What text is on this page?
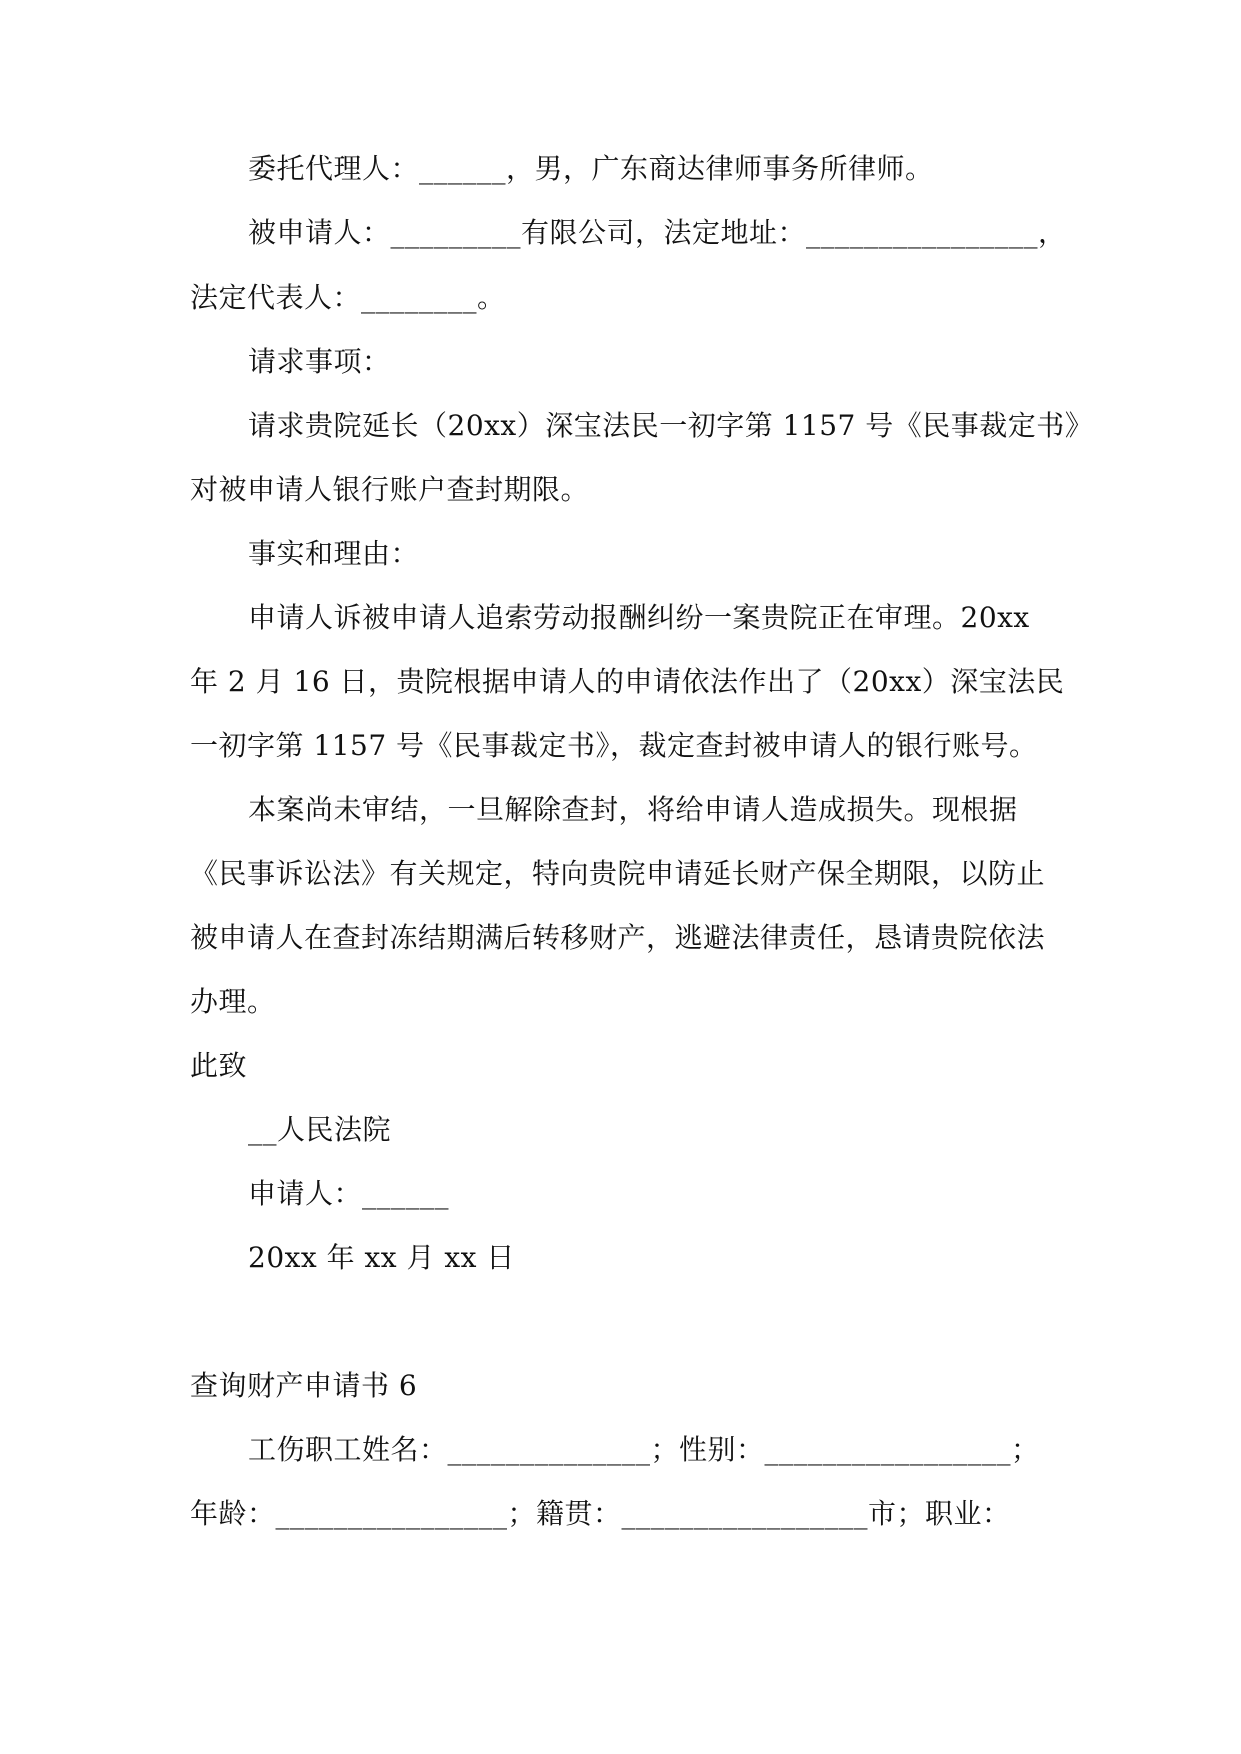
委托代理人：______，男，广东商达律师事务所律师。
被申请人：_________有限公司，法定地址：________________，
法定代表人：________。
请求事项：
请求贵院延长（20xx）深宝法民一初字第 1157 号《民事裁定书》
对被申请人银行账户查封期限。
事实和理由：
申请人诉被申请人追索劳动报酬纠纷一案贵院正在审理。20xx
年 2 月 16 日，贵院根据申请人的申请依法作出了（20xx）深宝法民
一初字第 1157 号《民事裁定书》，裁定查封被申请人的银行账号。
本案尚未审结，一旦解除查封，将给申请人造成损失。现根据
《民事诉讼法》有关规定，特向贵院申请延长财产保全期限，以防止
被申请人在查封冻结期满后转移财产，逃避法律责任，恳请贵院依法
办理。
此致
__人民法院
申请人：______
20xx 年 xx 月 xx 日
查询财产申请书 6
工伤职工姓名：______________；性别：_________________；
年龄：________________；籍贯：_________________市；职业：
